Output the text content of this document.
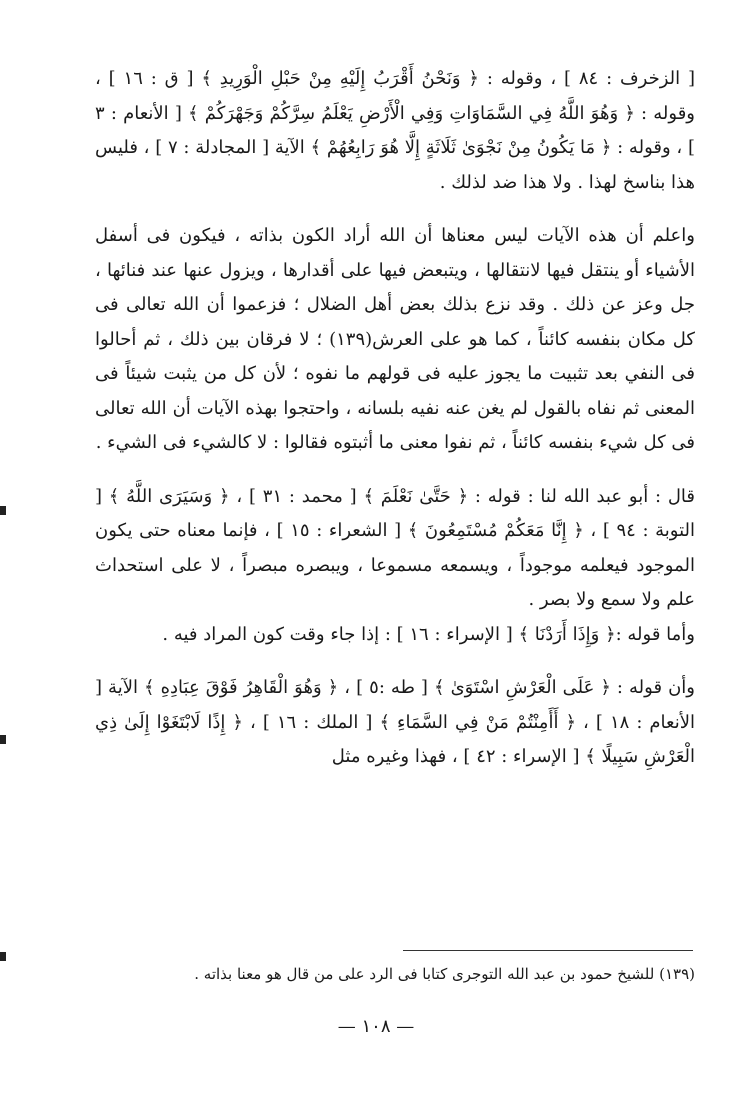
[ الزخرف : ٨٤ ] ، وقوله : ﴿ وَنَحْنُ أَقْرَبُ إِلَيْهِ مِنْ حَبْلِ الْوَرِيدِ ﴾ [ ق : ١٦ ] ، وقوله : ﴿ وَهُوَ اللَّهُ فِي السَّمَاوَاتِ وَفِي الْأَرْضِ يَعْلَمُ سِرَّكُمْ وَجَهْرَكُمْ ﴾ [ الأنعام : ٣ ] ، وقوله : ﴿ مَا يَكُونُ مِنْ نَجْوَىٰ ثَلَاثَةٍ إِلَّا هُوَ رَابِعُهُمْ ﴾ الآية [ المجادلة : ٧ ] ، فليس هذا بناسخ لهذا . ولا هذا ضد لذلك .

واعلم أن هذه الآيات ليس معناها أن الله أراد الكون بذاته ، فيكون فى أسفل الأشياء أو ينتقل فيها لانتقالها ، ويتبعض فيها على أقدارها ، ويزول عنها عند فنائها ، جل وعز عن ذلك . وقد نزع بذلك بعض أهل الضلال ؛ فزعموا أن الله تعالى فى كل مكان بنفسه كائناً ، كما هو على العرش(١٣٩) ؛ لا فرقان بين ذلك ، ثم أحالوا فى النفي بعد تثبيت ما يجوز عليه فى قولهم ما نفوه ؛ لأن كل من يثبت شيئاً فى المعنى ثم نفاه بالقول لم يغن عنه نفيه بلسانه ، واحتجوا بهذه الآيات أن الله تعالى فى كل شيء بنفسه كائناً ، ثم نفوا معنى ما أثبتوه فقالوا : لا كالشيء فى الشيء .

قال : أبو عبد الله لنا : قوله : ﴿ حَتَّىٰ نَعْلَمَ ﴾ [ محمد : ٣١ ] ، ﴿ وَسَيَرَى اللَّهُ ﴾ [ التوبة : ٩٤ ] ، ﴿ إِنَّا مَعَكُمْ مُسْتَمِعُونَ ﴾ [ الشعراء : ١٥ ] ، فإنما معناه حتى يكون الموجود فيعلمه موجوداً ، ويسمعه مسموعا ، ويبصره مبصراً ، لا على استحداث علم ولا سمع ولا بصر .

وأما قوله :﴿ وَإِذَا أَرَدْنَا ﴾ [ الإسراء : ١٦ ] : إذا جاء وقت كون المراد فيه .

وأن قوله : ﴿ عَلَى الْعَرْشِ اسْتَوَىٰ ﴾ [ طه :٥ ] ، ﴿ وَهُوَ الْقَاهِرُ فَوْقَ عِبَادِهِ ﴾ الآية [ الأنعام : ١٨ ] ، ﴿ أَأَمِنْتُمْ مَنْ فِي السَّمَاءِ ﴾ [ الملك : ١٦ ] ، ﴿ إِذًا لَابْتَغَوْا إِلَىٰ ذِي الْعَرْشِ سَبِيلًا ﴾ [ الإسراء : ٤٢ ] ، فهذا وغيره مثل

(١٣٩) للشيخ حمود بن عبد الله التوجرى كتابا فى الرد على من قال هو معنا بذاته .
— ١٠٨ —
